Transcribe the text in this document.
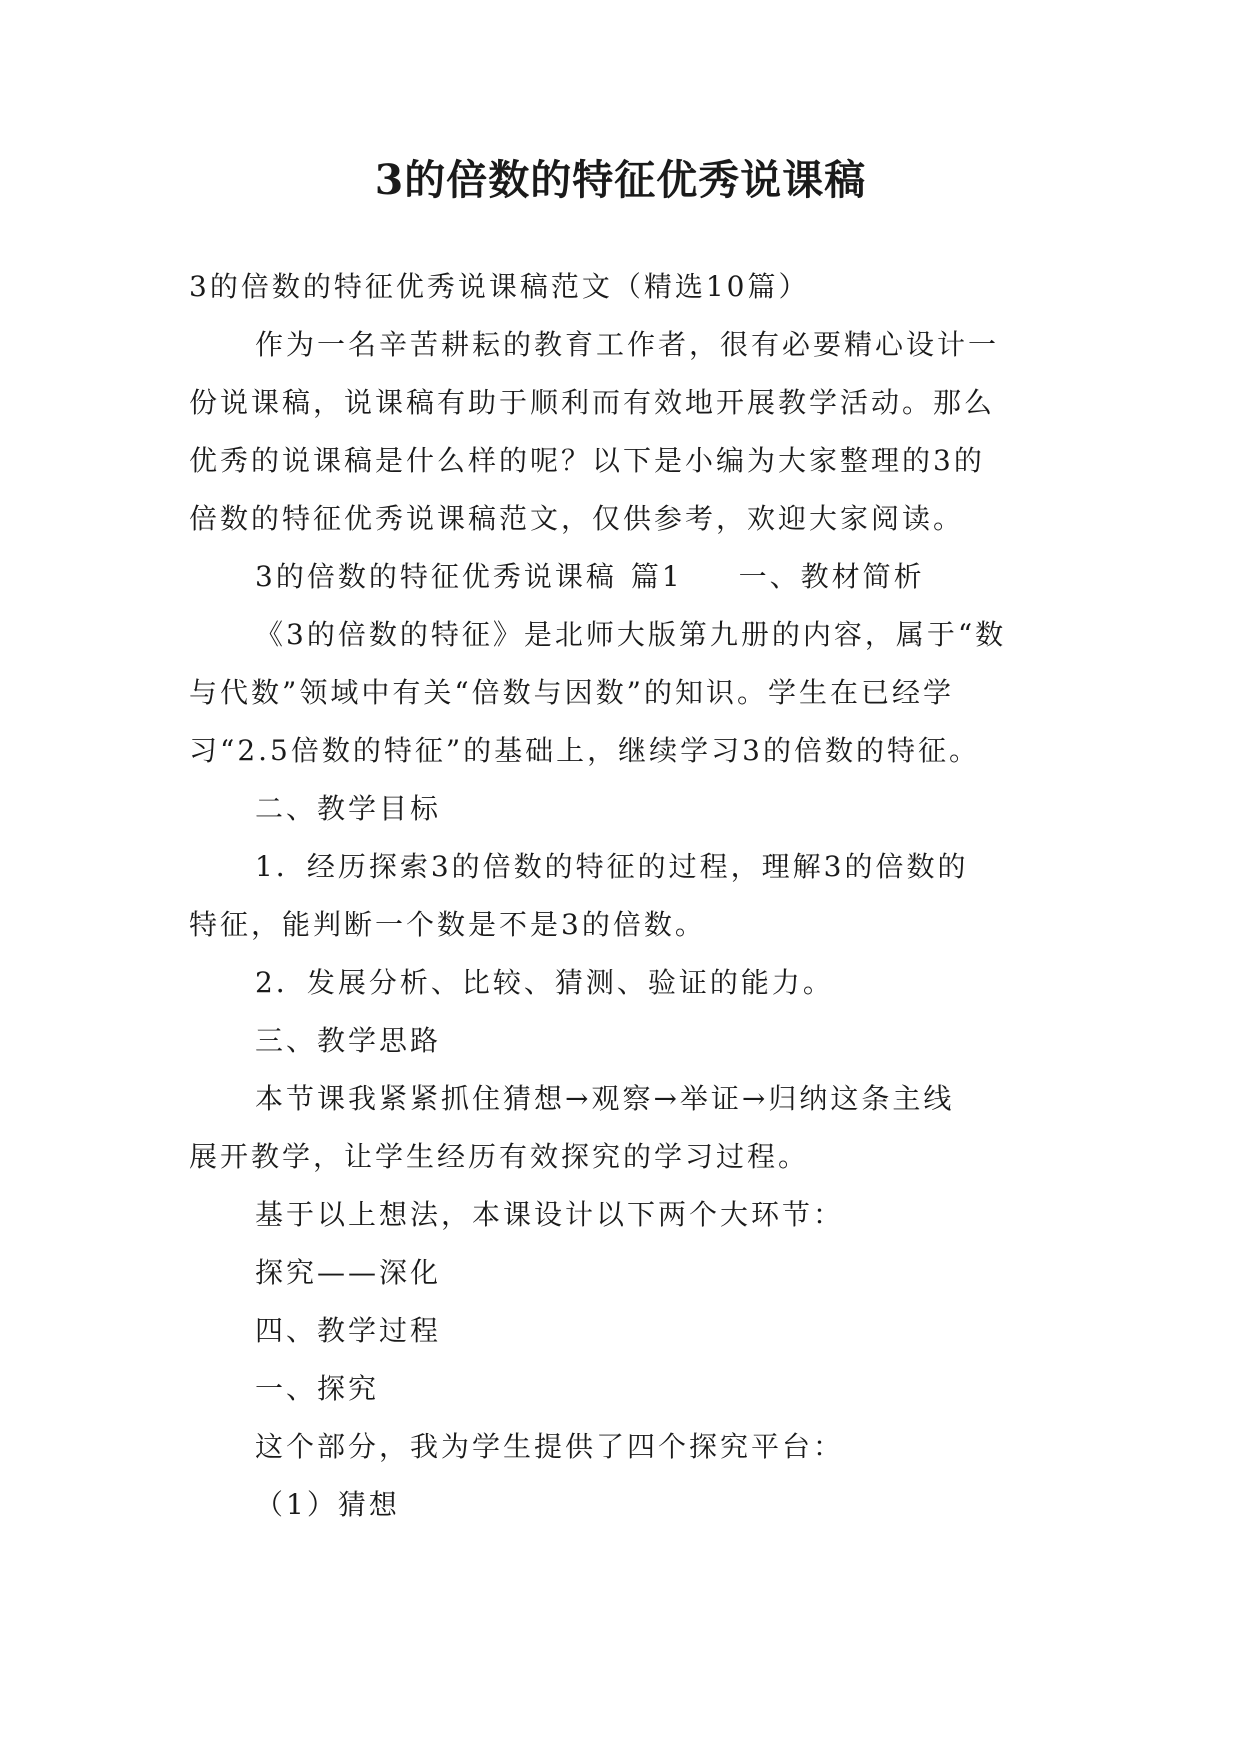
3的倍数的特征优秀说课稿
3的倍数的特征优秀说课稿范文（精选10篇）
作为一名辛苦耕耘的教育工作者，很有必要精心设计一
份说课稿，说课稿有助于顺利而有效地开展教学活动。那么
优秀的说课稿是什么样的呢？以下是小编为大家整理的3的
倍数的特征优秀说课稿范文，仅供参考，欢迎大家阅读。
3的倍数的特征优秀说课稿 篇1 一、教材简析
《3的倍数的特征》是北师大版第九册的内容，属于“数
与代数”领域中有关“倍数与因数”的知识。学生在已经学
习“2.5倍数的特征”的基础上，继续学习3的倍数的特征。
二、教学目标
1．经历探索3的倍数的特征的过程，理解3的倍数的
特征，能判断一个数是不是3的倍数。
2．发展分析、比较、猜测、验证的能力。
三、教学思路
本节课我紧紧抓住猜想→观察→举证→归纳这条主线
展开教学，让学生经历有效探究的学习过程。
基于以上想法，本课设计以下两个大环节：
探究——深化
四、教学过程
一、探究
这个部分，我为学生提供了四个探究平台：
（1）猜想
